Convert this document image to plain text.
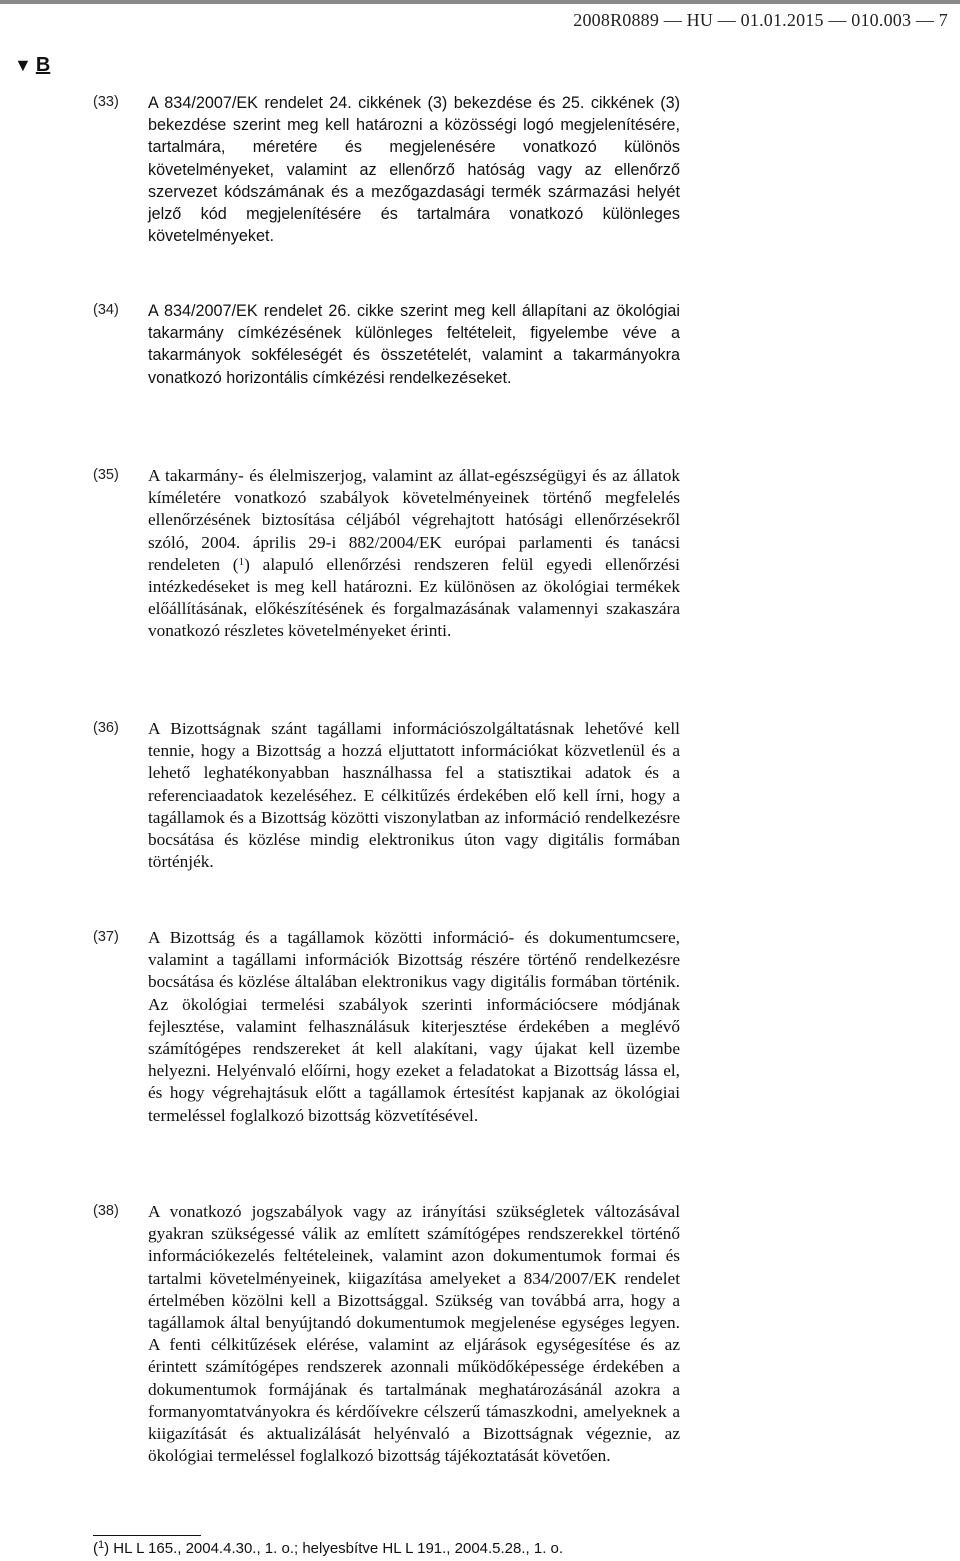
2008R0889 — HU — 01.01.2015 — 010.003 — 7
▼ B
(33) A 834/2007/EK rendelet 24. cikkének (3) bekezdése és 25. cikkének (3) bekezdése szerint meg kell határozni a közösségi logó megjelenítésére, tartalmára, méretére és megjelenésére vonatkozó különös követelményeket, valamint az ellenőrző hatóság vagy az ellenőrző szervezet kódszámának és a mezőgazdasági termék származási helyét jelző kód megjelenítésére és tartalmára vonatkozó különleges követelményeket.
(34) A 834/2007/EK rendelet 26. cikke szerint meg kell állapítani az ökológiai takarmány címkézésének különleges feltételeit, figyelembe véve a takarmányok sokféleségét és összetételét, valamint a takarmányokra vonatkozó horizontális címkézési rendelkezéseket.
(35) A takarmány- és élelmiszerjog, valamint az állat-egészségügyi és az állatok kíméletére vonatkozó szabályok követelményeinek történő megfelelés ellenőrzésének biztosítása céljából végrehajtott hatósági ellenőrzésekről szóló, 2004. április 29-i 882/2004/EK európai parlamenti és tanácsi rendeleten ($^1$) alapuló ellenőrzési rendszeren felül egyedi ellenőrzési intézkedéseket is meg kell határozni. Ez különösen az ökológiai termékek előállításának, előkészítésének és forgalmazásának valamennyi szakaszára vonatkozó részletes követelményeket érinti.
(36) A Bizottságnak szánt tagállami információszolgáltatásnak lehetővé kell tennie, hogy a Bizottság a hozzá eljuttatott információkat közvetlenül és a lehető leghatékonyabban használhassa fel a statisztikai adatok és a referenciaadatok kezeléséhez. E célkitűzés érdekében elő kell írni, hogy a tagállamok és a Bizottság közötti viszonylatban az információ rendelkezésre bocsátása és közlése mindig elektronikus úton vagy digitális formában történjék.
(37) A Bizottság és a tagállamok közötti információ- és dokumentumcsere, valamint a tagállami információk Bizottság részére történő rendelkezésre bocsátása és közlése általában elektronikus vagy digitális formában történik. Az ökológiai termelési szabályok szerinti információcsere módjának fejlesztése, valamint felhasználásuk kiterjesztése érdekében a meglévő számítógépes rendszereket át kell alakítani, vagy újakat kell üzembe helyezni. Helyénvaló előírni, hogy ezeket a feladatokat a Bizottság lássa el, és hogy végrehajtásuk előtt a tagállamok értesítést kapjanak az ökológiai termeléssel foglalkozó bizottság közvetítésével.
(38) A vonatkozó jogszabályok vagy az irányítási szükségletek változásával gyakran szükségessé válik az említett számítógépes rendszerekkel történő információkezelés feltételeinek, valamint azon dokumentumok formai és tartalmi követelményeinek, kiigazítása amelyeket a 834/2007/EK rendelet értelmében közölni kell a Bizottsággal. Szükség van továbbá arra, hogy a tagállamok által benyújtandó dokumentumok megjelenése egységes legyen. A fenti célkitűzések elérése, valamint az eljárások egységesítése és az érintett számítógépes rendszerek azonnali működőképessége érdekében a dokumentumok formájának és tartalmának meghatározásánál azokra a formanyomtatványokra és kérdőívekre célszerű támaszkodni, amelyeknek a kiigazítását és aktualizálását helyénvaló a Bizottságnak végeznie, az ökológiai termeléssel foglalkozó bizottság tájékoztatását követően.
($^1$) HL L 165., 2004.4.30., 1. o.; helyesbítve HL L 191., 2004.5.28., 1. o.
